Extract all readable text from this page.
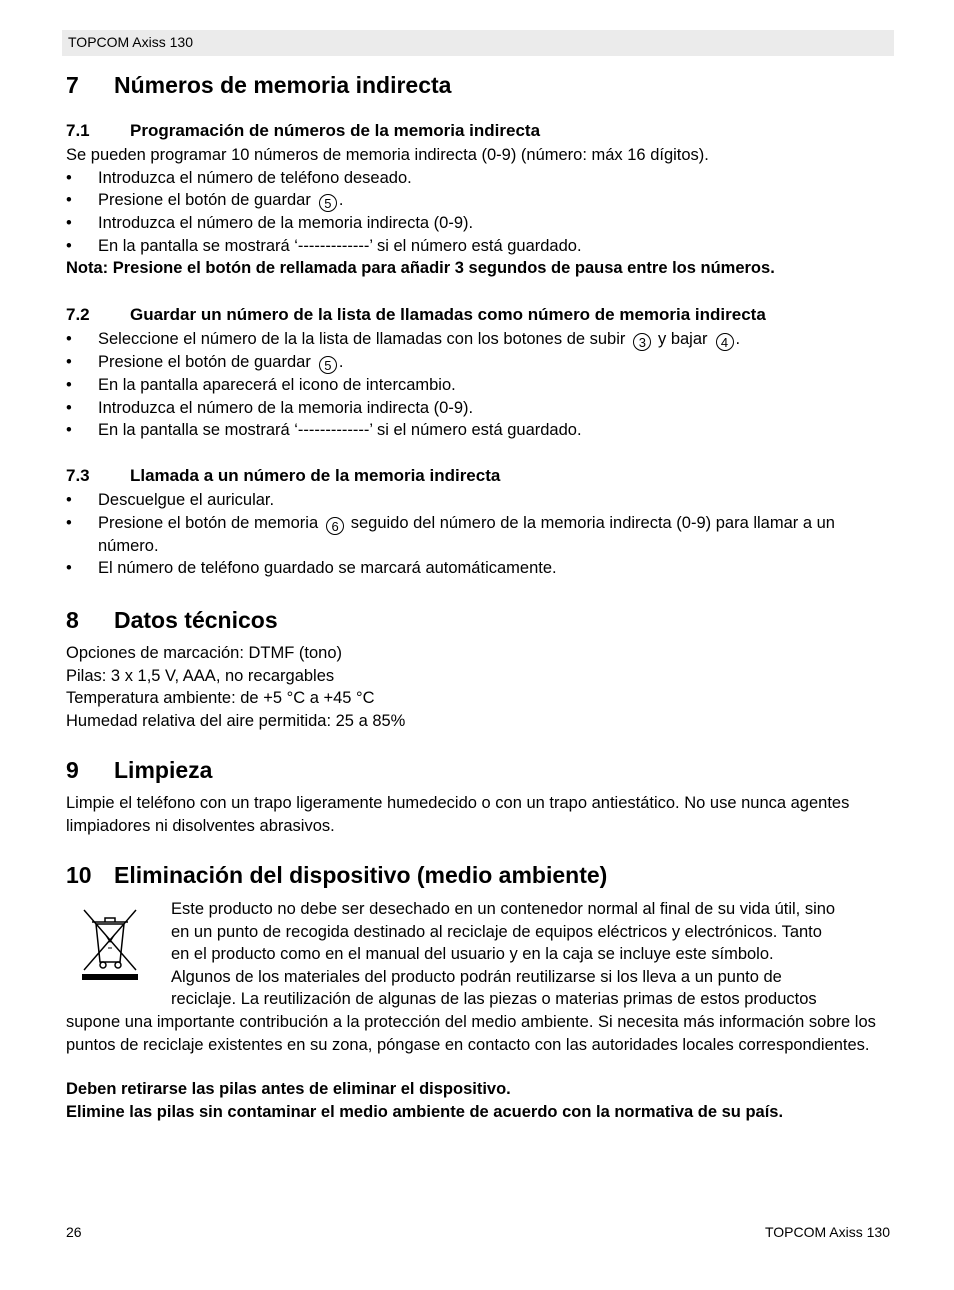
TOPCOM Axiss 130

7 Números de memoria indirecta

7.1 Programación de números de la memoria indirecta

Se pueden programar 10 números de memoria indirecta (0-9) (número: máx 16 dígitos).

• Introduzca el número de teléfono deseado.
• Presione el botón de guardar 5 .
• Introduzca el número de la memoria indirecta (0-9).
• En la pantalla se mostrará ‘-------------’ si el número está guardado.

Nota: Presione el botón de rellamada para añadir 3 segundos de pausa entre los números.

7.2 Guardar un número de la lista de llamadas como número de memoria indirecta

• Seleccione el número de la la lista de llamadas con los botones de subir 3 y bajar 4 .
• Presione el botón de guardar 5 .
• En la pantalla aparecerá el icono de intercambio.
• Introduzca el número de la memoria indirecta (0-9).
• En la pantalla se mostrará ‘-------------’ si el número está guardado.

7.3 Llamada a un número de la memoria indirecta

• Descuelgue el auricular.
• Presione el botón de memoria 6 seguido del número de la memoria indirecta (0-9) para llamar a un número.
• El número de teléfono guardado se marcará automáticamente.

8 Datos técnicos

Opciones de marcación: DTMF (tono)

Pilas: 3 x 1,5 V, AAA, no recargables

Temperatura ambiente: de +5 °C a +45 °C

Humedad relativa del aire permitida: 25 a 85%

9 Limpieza

Limpie el teléfono con un trapo ligeramente humedecido o con un trapo antiestático. No use nunca agentes limpiadores ni disolventes abrasivos.

10 Eliminación del dispositivo (medio ambiente)

Este producto no debe ser desechado en un contenedor normal al final de su vida útil, sino

en un punto de recogida destinado al reciclaje de equipos eléctricos y electrónicos. Tanto

en el producto como en el manual del usuario y en la caja se incluye este símbolo.

Algunos de los materiales del producto podrán reutilizarse si los lleva a un punto de

reciclaje. La reutilización de algunas de las piezas o materias primas de estos productos

supone una importante contribución a la protección del medio ambiente. Si necesita más información sobre los puntos de reciclaje existentes en su zona, póngase en contacto con las autoridades locales correspondientes.

Deben retirarse las pilas antes de eliminar el dispositivo.

Elimine las pilas sin contaminar el medio ambiente de acuerdo con la normativa de su país.

26	TOPCOM Axiss 130
